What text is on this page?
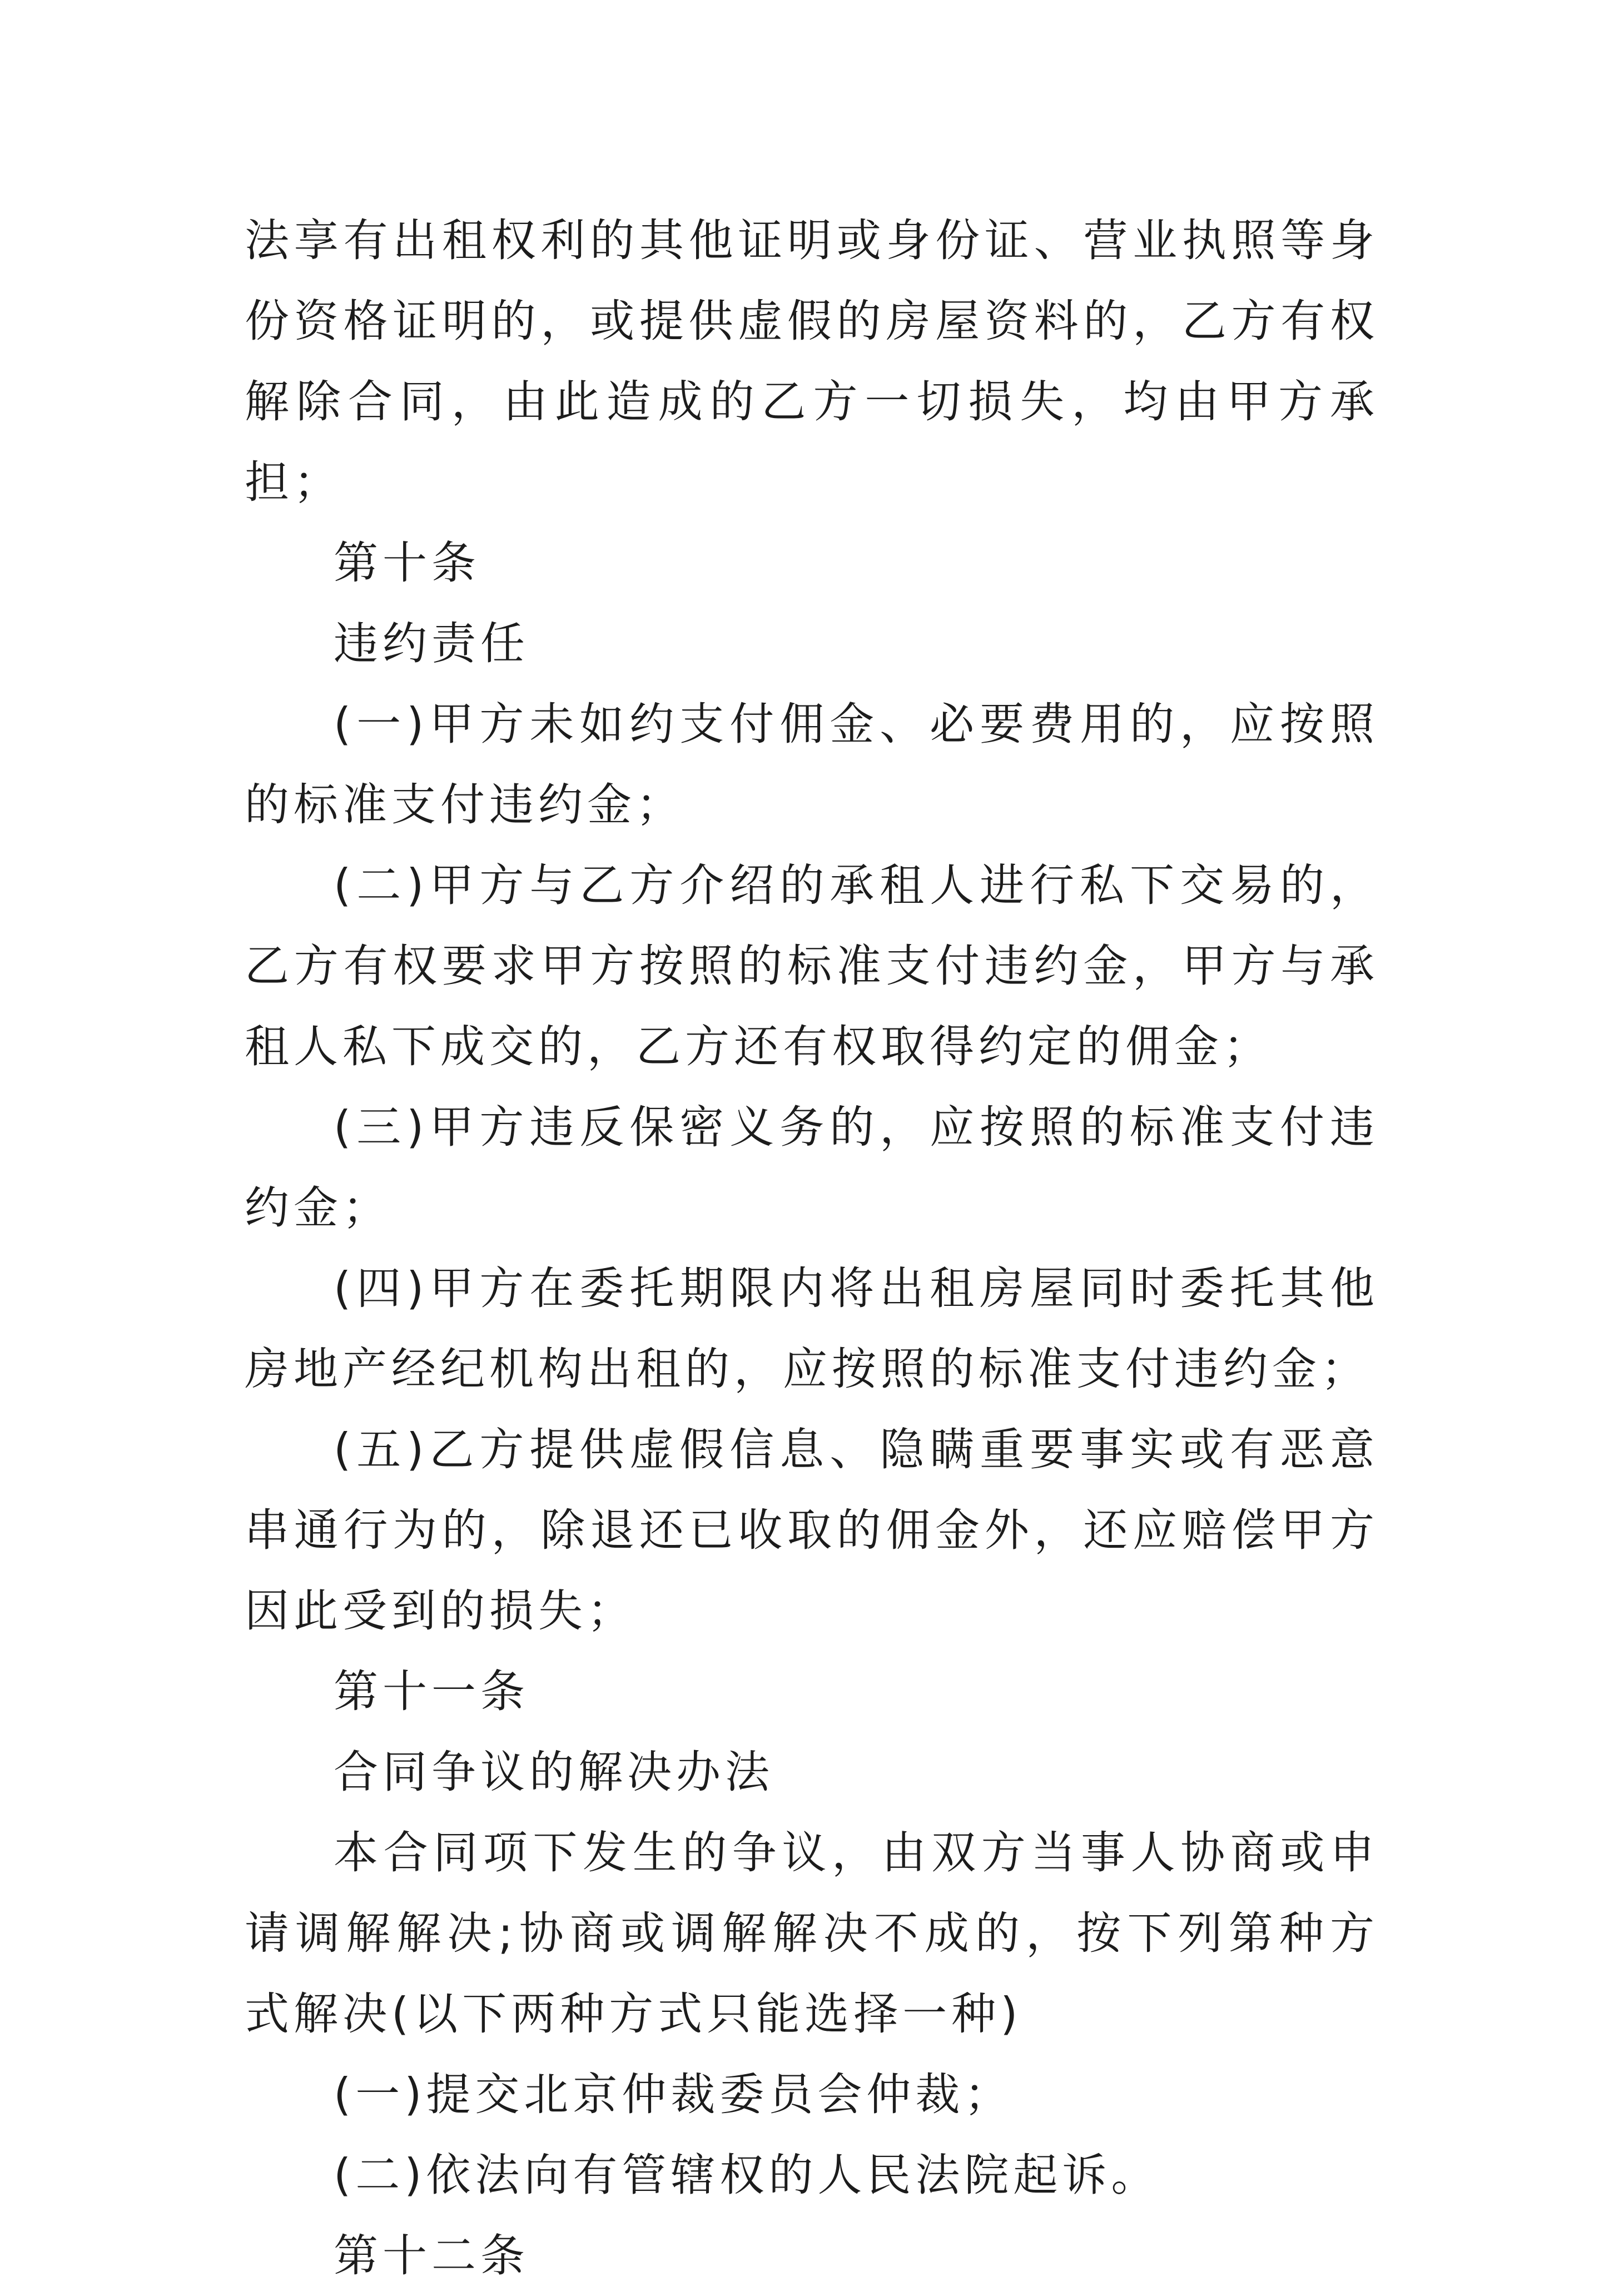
法享有出租权利的其他证明或身份证、营业执照等身份资格证明的，或提供虚假的房屋资料的，乙方有权解除合同，由此造成的乙方一切损失，均由甲方承担；

第十条

违约责任

(一)甲方未如约支付佣金、必要费用的，应按照的标准支付违约金；

(二)甲方与乙方介绍的承租人进行私下交易的，乙方有权要求甲方按照的标准支付违约金，甲方与承租人私下成交的，乙方还有权取得约定的佣金；

(三)甲方违反保密义务的，应按照的标准支付违约金；

(四)甲方在委托期限内将出租房屋同时委托其他房地产经纪机构出租的，应按照的标准支付违约金；

(五)乙方提供虚假信息、隐瞒重要事实或有恶意串通行为的，除退还已收取的佣金外，还应赔偿甲方因此受到的损失；

第十一条

合同争议的解决办法

本合同项下发生的争议，由双方当事人协商或申请调解解决;协商或调解解决不成的，按下列第种方式解决(以下两种方式只能选择一种)

(一)提交北京仲裁委员会仲裁；

(二)依法向有管辖权的人民法院起诉。

第十二条
